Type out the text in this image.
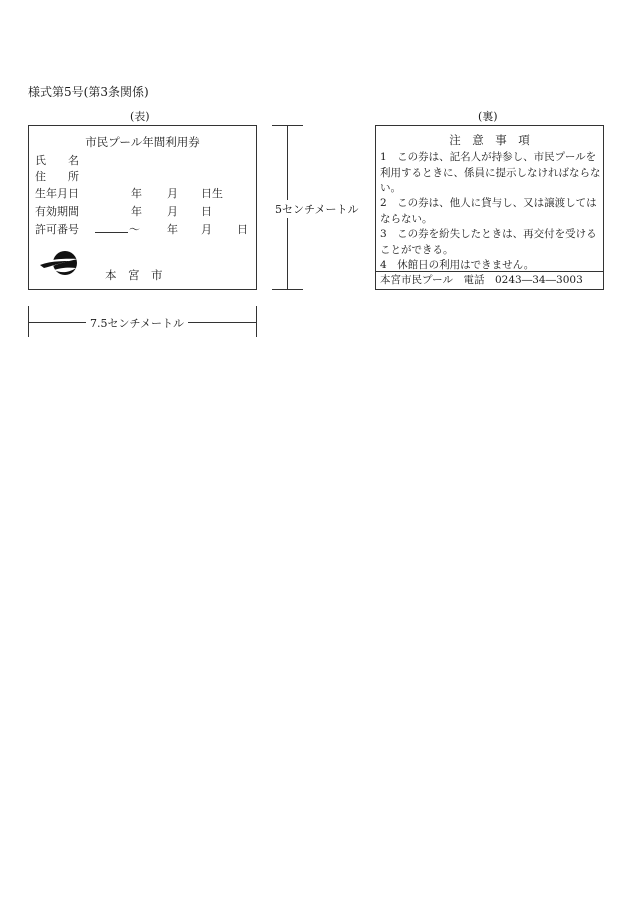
様式第5号(第3条関係)
(表)	(裏)
市民プール年間利用券
氏　　名
住　　所
生年月日	年 月 日生
有効期間	年 月 日
許可番号	～ 年 月 日
本　宮　市
注　意　事　項
1　この券は、記名人が持参し、市民プールを利用するときに、係員に提示しなければならない。
2　この券は、他人に貸与し、又は譲渡してはならない。
3　この券を紛失したときは、再交付を受けることができる。
4　休館日の利用はできません。
本宮市民プール　電話　0243―34―3003
5センチメートル
7.5センチメートル
